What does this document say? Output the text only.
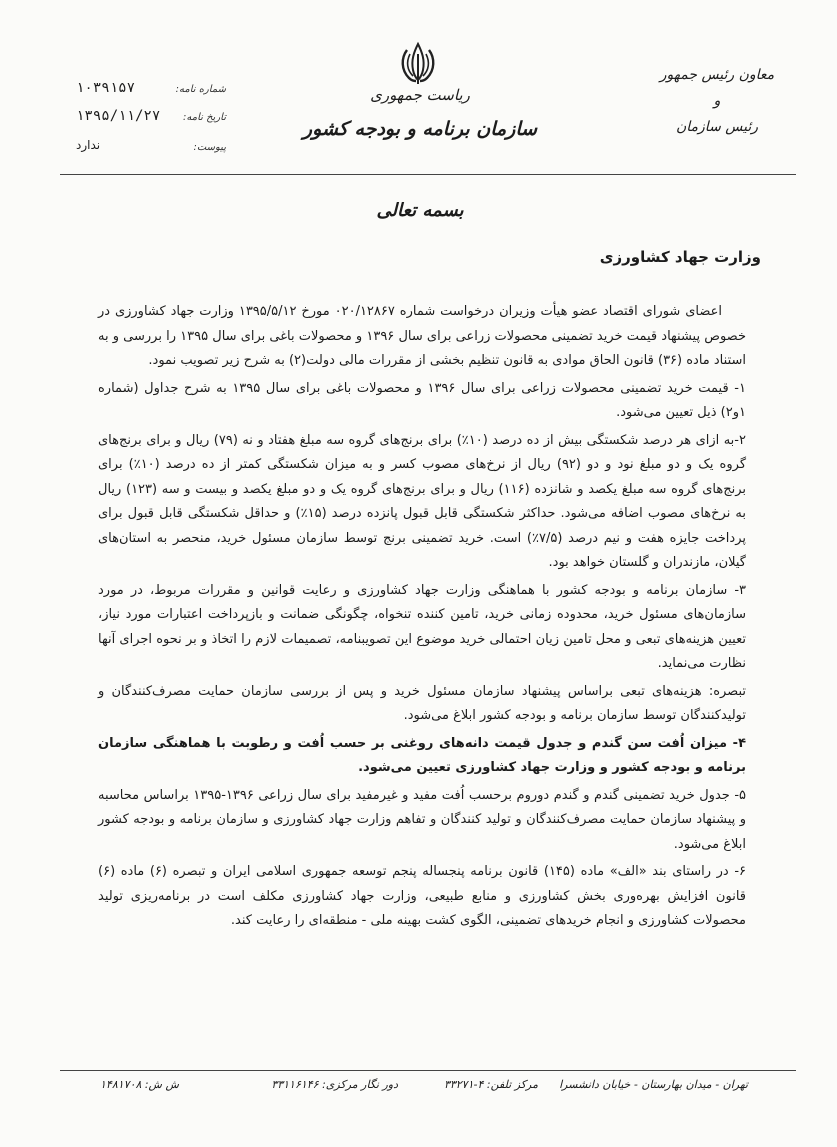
ریاست جمهوری
سازمان برنامه و بودجه کشور
معاون رئیس جمهور
و
رئیس سازمان
شماره نامه:
۱۰۳۹۱۵۷
تاریخ نامه:
۱۳۹۵/۱۱/۲۷
پیوست:
ندارد
بسمه تعالی
وزارت جهاد کشاورزی

اعضای شورای اقتصاد عضو هیأت وزیران درخواست شماره ۰۲۰/۱۲۸۶۷ مورخ ۱۳۹۵/۵/۱۲ وزارت جهاد کشاورزی در خصوص پیشنهاد قیمت خرید تضمینی محصولات زراعی برای سال ۱۳۹۶ و محصولات باغی برای سال ۱۳۹۵ را بررسی و به استناد ماده (۳۶) قانون الحاق موادی به قانون تنظیم بخشی از مقررات مالی دولت(۲) به شرح زیر تصویب نمود.

۱- قیمت خرید تضمینی محصولات زراعی برای سال ۱۳۹۶ و محصولات باغی برای سال ۱۳۹۵ به شرح جداول (شماره ۱و۲) ذیل تعیین می‌شود.

۲-به ازای هر درصد شکستگی بیش از ده درصد (۱۰٪) برای برنج‌های گروه سه مبلغ هفتاد و نه (۷۹) ریال و برای برنج‌های گروه یک و دو مبلغ نود و دو (۹۲) ریال از نرخ‌های مصوب کسر و به میزان شکستگی کمتر از ده درصد (۱۰٪) برای برنج‌های گروه سه مبلغ یکصد و شانزده (۱۱۶) ریال و برای برنج‌های گروه یک و دو مبلغ یکصد و بیست و سه (۱۲۳) ریال به نرخ‌های مصوب اضافه می‌شود. حداکثر شکستگی قابل قبول پانزده درصد (۱۵٪) و حداقل شکستگی قابل قبول برای پرداخت جایزه هفت و نیم درصد (۷/۵٪) است. خرید تضمینی برنج توسط سازمان مسئول خرید، منحصر به استان‌های گیلان، مازندران و گلستان خواهد بود.

۳- سازمان برنامه و بودجه کشور با هماهنگی وزارت جهاد کشاورزی و رعایت قوانین و مقررات مربوط، در مورد سازمان‌های مسئول خرید، محدوده زمانی خرید، تامین کننده تنخواه، چگونگی ضمانت و بازپرداخت اعتبارات مورد نیاز، تعیین هزینه‌های تبعی و محل تامین زیان احتمالی خرید موضوع این تصویبنامه، تصمیمات لازم را اتخاذ و بر نحوه اجرای آنها نظارت می‌نماید.

تبصره: هزینه‌های تبعی براساس پیشنهاد سازمان مسئول خرید و پس از بررسی سازمان حمایت مصرف‌کنندگان و تولیدکنندگان توسط سازمان برنامه و بودجه کشور ابلاغ می‌شود.

۴- میزان اُفت سن گندم و جدول قیمت دانه‌های روغنی بر حسب اُفت و رطوبت با هماهنگی سازمان برنامه و بودجه کشور و وزارت جهاد کشاورزی تعیین می‌شود.

۵- جدول خرید تضمینی گندم و گندم دوروم برحسب اُفت مفید و غیرمفید برای سال زراعی ۱۳۹۶-۱۳۹۵ براساس محاسبه و پیشنهاد سازمان حمایت مصرف‌کنندگان و تولید کنندگان و تفاهم وزارت جهاد کشاورزی و سازمان برنامه و بودجه کشور ابلاغ می‌شود.

۶- در راستای بند «الف» ماده (۱۴۵) قانون برنامه پنجساله پنجم توسعه جمهوری اسلامی ایران و تبصره (۶) ماده (۶) قانون افزایش بهره‌وری بخش کشاورزی و منابع طبیعی، وزارت جهاد کشاورزی مکلف است در برنامه‌ریزی تولید محصولات کشاورزی و انجام خریدهای تضمینی، الگوی کشت بهینه ملی - منطقه‌ای را رعایت کند.

تهران - میدان بهارستان - خیابان دانشسرا
مرکز تلفن: ۴-۳۳۲۷۱
دور نگار مرکزی: ۳۳۱۱۶۱۴۶
ش ش: ۱۴۸۱۷۰۸
